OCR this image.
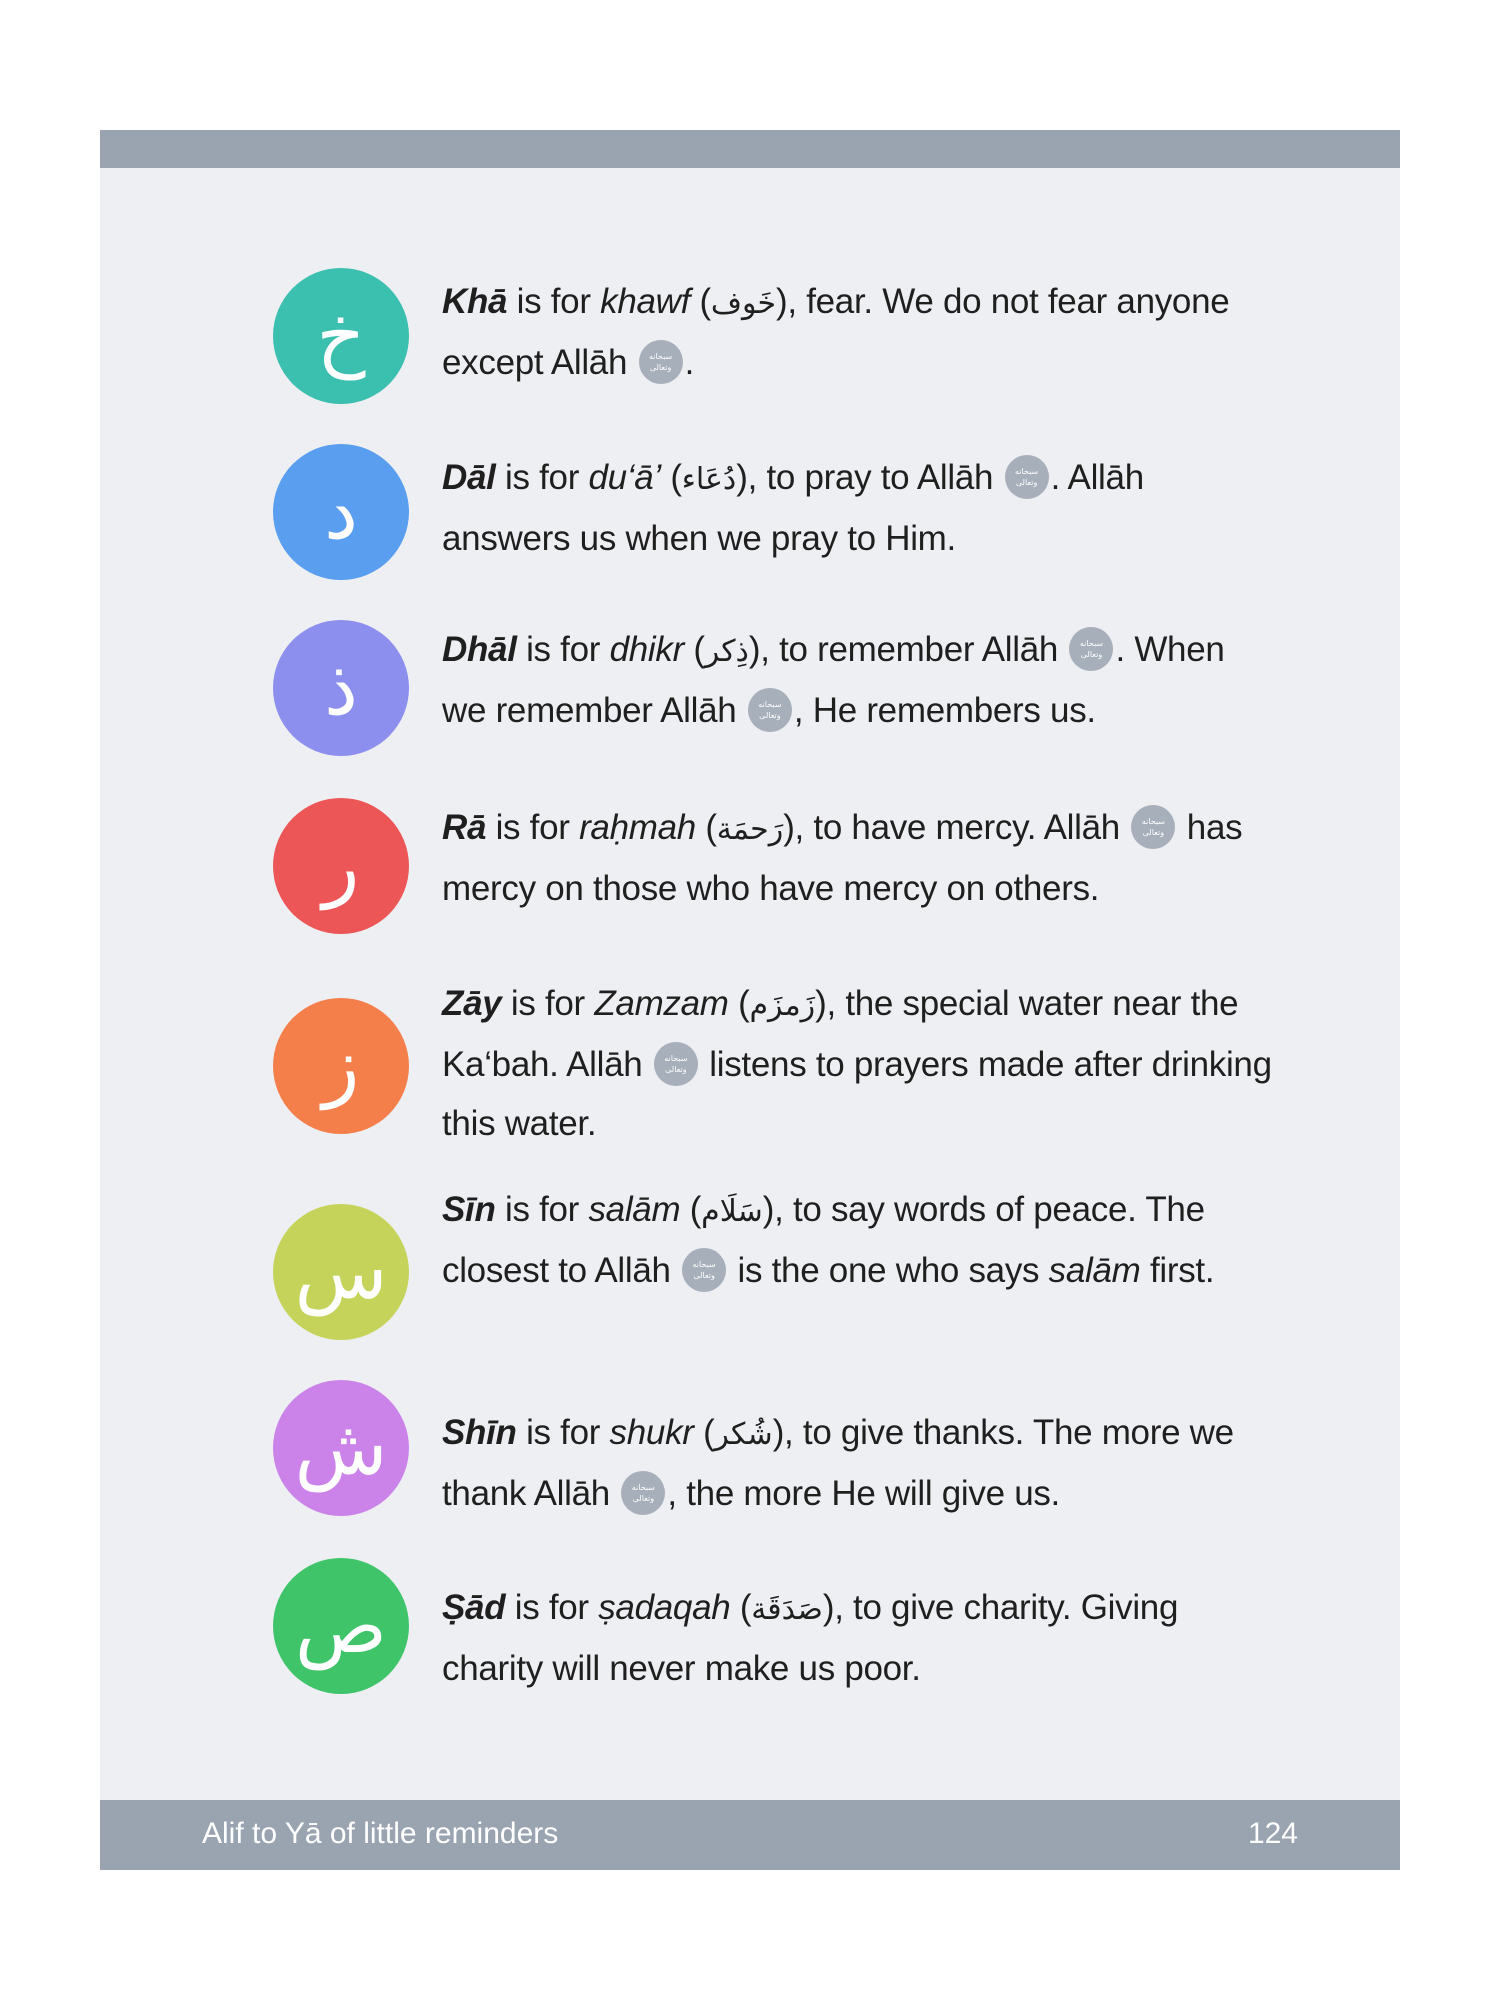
خ	Khā is for khawf (خَوف), fear. We do not fear anyone except Allāh	سبحانه وتعالى .
د	Dāl is for du‘ā’ (دُعَاء), to pray to Allāh	سبحانه وتعالى . Allāh answers us when we pray to Him.
ذ	Dhāl is for dhikr (ذِكر), to remember Allāh	سبحانه وتعالى . When we remember Allāh	سبحانه وتعالى , He remembers us.
ر	Rā is for raḥmah (رَحمَة), to have mercy. Allāh	سبحانه وتعالى has mercy on those who have mercy on others.
ز
Zāy is for Zamzam (زَمزَم), the special water near the Ka‘bah. Allāh	سبحانه وتعالى listens to prayers made after drinking this water.
س
Sīn is for salām (سَلَام), to say words of peace. The closest to Allāh	سبحانه وتعالى is the one who says salām first.
ش	Shīn is for shukr (شُكر), to give thanks. The more we thank Allāh	سبحانه وتعالى , the more He will give us.
ص	Ṣād is for ṣadaqah (صَدَقَة), to give charity. Giving charity will never make us poor.
Alif to Yā of little reminders	124
